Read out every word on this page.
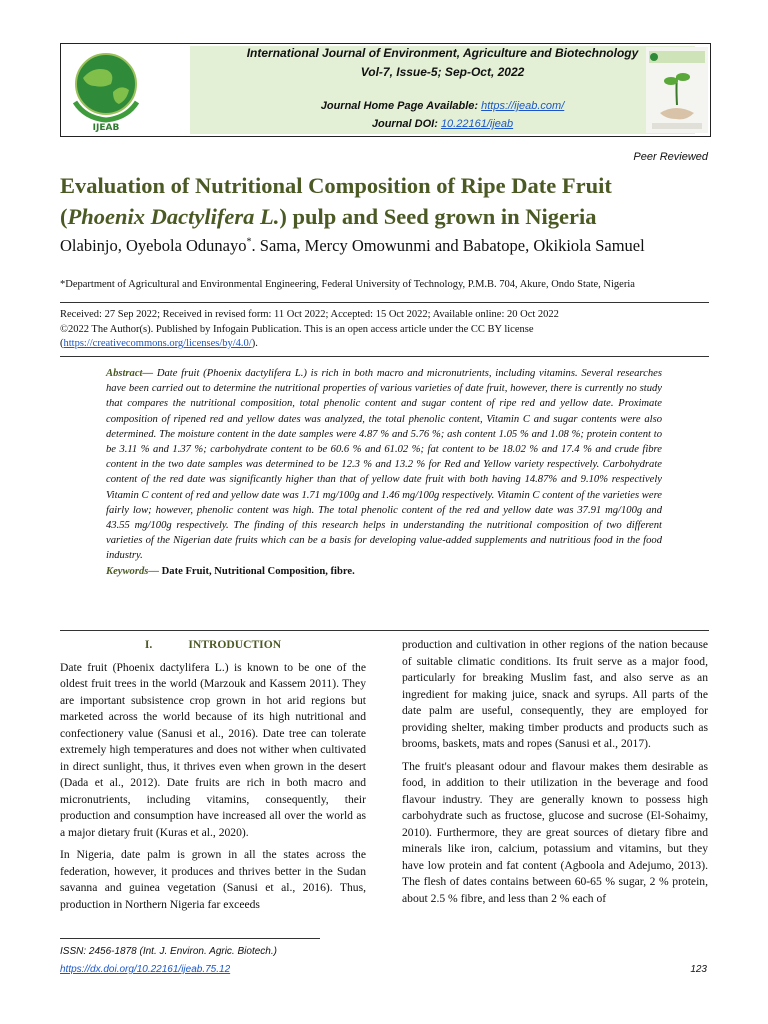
IJEAB
International Journal of Environment, Agriculture and Biotechnology
Vol-7, Issue-5; Sep-Oct, 2022
Journal Home Page Available: https://ijeab.com/
Journal DOI: 10.22161/ijeab
Peer Reviewed
Evaluation of Nutritional Composition of Ripe Date Fruit
(Phoenix Dactylifera L.) pulp and Seed grown in Nigeria
Olabinjo, Oyebola Odunayo*. Sama, Mercy Omowunmi and Babatope, Okikiola Samuel
*Department of Agricultural and Environmental Engineering, Federal University of Technology, P.M.B. 704, Akure, Ondo State, Nigeria
Received: 27 Sep 2022; Received in revised form: 11 Oct 2022; Accepted: 15 Oct 2022; Available online: 20 Oct 2022
©2022 The Author(s). Published by Infogain Publication. This is an open access article under the CC BY license
(https://creativecommons.org/licenses/by/4.0/).
Abstract— Date fruit (Phoenix dactylifera L.) is rich in both macro and micronutrients, including vitamins. Several researches have been carried out to determine the nutritional properties of various varieties of date fruit, however, there is currently no study that compares the nutritional composition, total phenolic content and sugar content of ripe red and yellow date. Proximate composition of ripened red and yellow dates was analyzed, the total phenolic content, Vitamin C and sugar contents were also determined. The moisture content in the date samples were 4.87 % and 5.76 %; ash content 1.05 % and 1.08 %; protein content to be 3.11 % and 1.37 %; carbohydrate content to be 60.6 % and 61.02 %; fat content to be 18.02 % and 17.4 % and crude fibre content in the two date samples was determined to be 12.3 % and 13.2 % for Red and Yellow variety respectively. Carbohydrate content of the red date was significantly higher than that of yellow date fruit with both having 14.87% and 9.10% respectively Vitamin C content of red and yellow date was 1.71 mg/100g and 1.46 mg/100g respectively. Vitamin C content of the varieties were fairly low; however, phenolic content was high. The total phenolic content of the red and yellow date was 37.91 mg/100g and 43.55 mg/100g respectively. The finding of this research helps in understanding the nutritional composition of two different varieties of the Nigerian date fruits which can be a basis for developing value-added supplements and nutritious food in the food industry.
Keywords— Date Fruit, Nutritional Composition, fibre.
I.	INTRODUCTION

Date fruit (Phoenix dactylifera L.) is known to be one of the oldest fruit trees in the world (Marzouk and Kassem 2011). They are important subsistence crop grown in hot arid regions but marketed across the world because of its high nutritional and confectionery value (Sanusi et al., 2016). Date tree can tolerate extremely high temperatures and does not wither when cultivated in direct sunlight, thus, it thrives even when grown in the desert (Dada et al., 2012). Date fruits are rich in both macro and micronutrients, including vitamins, consequently, their production and consumption have increased all over the world as a major dietary fruit (Kuras et al., 2020).

In Nigeria, date palm is grown in all the states across the federation, however, it produces and thrives better in the Sudan savanna and guinea vegetation (Sanusi et al., 2016). Thus, production in Northern Nigeria far exceeds

production and cultivation in other regions of the nation because of suitable climatic conditions. Its fruit serve as a major food, particularly for breaking Muslim fast, and also serve as an ingredient for making juice, snack and syrups. All parts of the date palm are useful, consequently, they are employed for providing shelter, making timber products and products such as brooms, baskets, mats and ropes (Sanusi et al., 2017).

The fruit's pleasant odour and flavour makes them desirable as food, in addition to their utilization in the beverage and food flavour industry. They are generally known to possess high carbohydrate such as fructose, glucose and sucrose (El-Sohaimy, 2010). Furthermore, they are great sources of dietary fibre and minerals like iron, calcium, potassium and vitamins, but they have low protein and fat content (Agboola and Adejumo, 2013). The flesh of dates contains between 60-65 % sugar, 2 % protein, about 2.5 % fibre, and less than 2 % each of

ISSN: 2456-1878 (Int. J. Environ. Agric. Biotech.)
https://dx.doi.org/10.22161/ijeab.75.12	123
